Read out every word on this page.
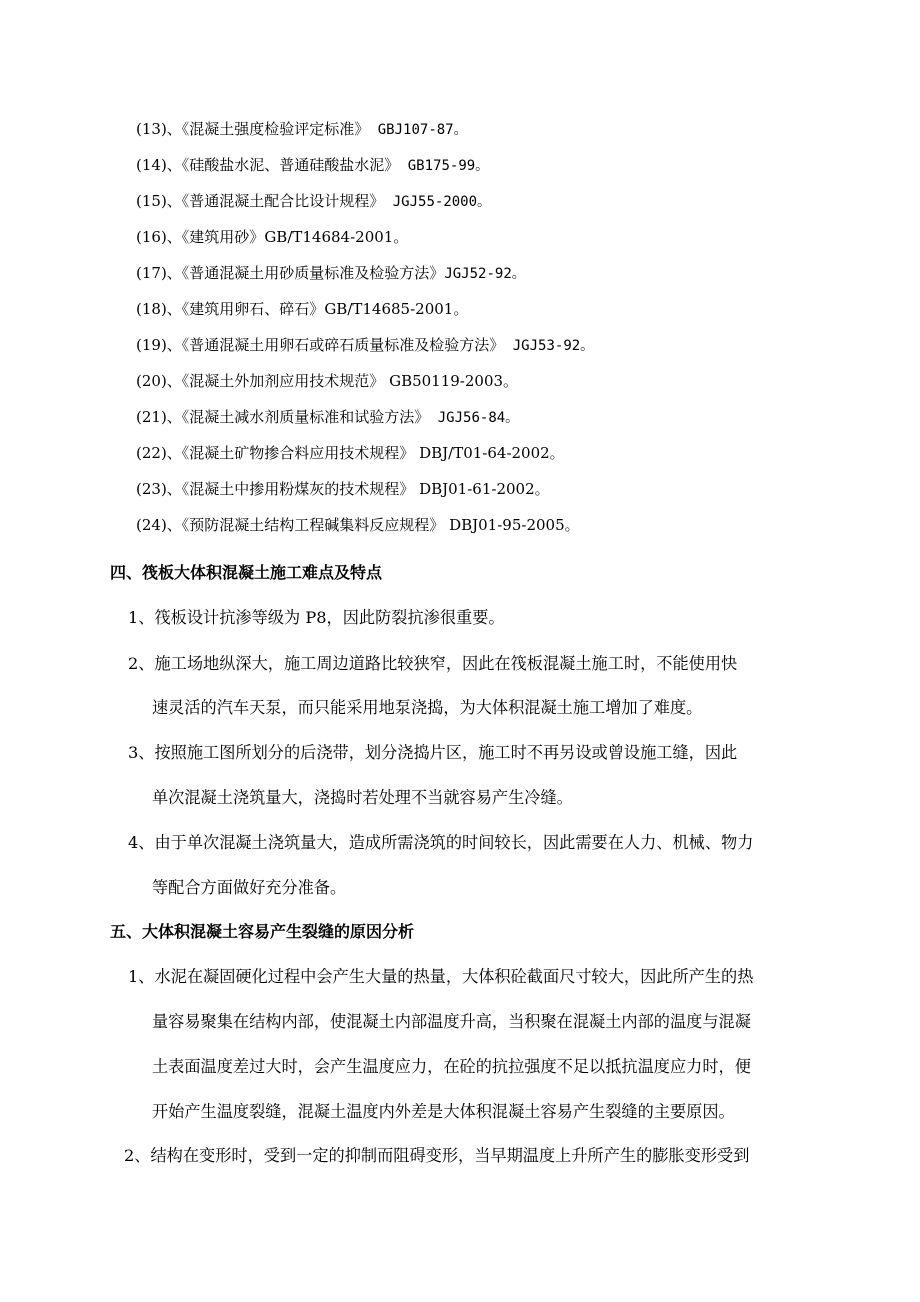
(13)、《混凝土强度检验评定标准》 GBJ107-87。
(14)、《硅酸盐水泥、普通硅酸盐水泥》 GB175-99。
(15)、《普通混凝土配合比设计规程》 JGJ55-2000。
(16)、《建筑用砂》GB/T14684-2001。
(17)、《普通混凝土用砂质量标准及检验方法》JGJ52-92。
(18)、《建筑用卵石、碎石》GB/T14685-2001。
(19)、《普通混凝土用卵石或碎石质量标准及检验方法》 JGJ53-92。
(20)、《混凝土外加剂应用技术规范》 GB50119-2003。
(21)、《混凝土减水剂质量标准和试验方法》 JGJ56-84。
(22)、《混凝土矿物掺合料应用技术规程》 DBJ/T01-64-2002。
(23)、《混凝土中掺用粉煤灰的技术规程》 DBJ01-61-2002。
(24)、《预防混凝土结构工程碱集料反应规程》 DBJ01-95-2005。
四、筏板大体积混凝土施工难点及特点
1、筏板设计抗渗等级为 P8，因此防裂抗渗很重要。
2、施工场地纵深大，施工周边道路比较狭窄，因此在筏板混凝土施工时，不能使用快
速灵活的汽车天泵，而只能采用地泵浇捣，为大体积混凝土施工增加了难度。
3、按照施工图所划分的后浇带，划分浇捣片区，施工时不再另设或曾设施工缝，因此
单次混凝土浇筑量大，浇捣时若处理不当就容易产生冷缝。
4、由于单次混凝土浇筑量大，造成所需浇筑的时间较长，因此需要在人力、机械、物力
等配合方面做好充分准备。
五、大体积混凝土容易产生裂缝的原因分析
1、水泥在凝固硬化过程中会产生大量的热量，大体积砼截面尺寸较大，因此所产生的热
量容易聚集在结构内部，使混凝土内部温度升高，当积聚在混凝土内部的温度与混凝
土表面温度差过大时，会产生温度应力，在砼的抗拉强度不足以抵抗温度应力时，便
开始产生温度裂缝，混凝土温度内外差是大体积混凝土容易产生裂缝的主要原因。
2、结构在变形时，受到一定的抑制而阻碍变形，当早期温度上升所产生的膨胀变形受到
